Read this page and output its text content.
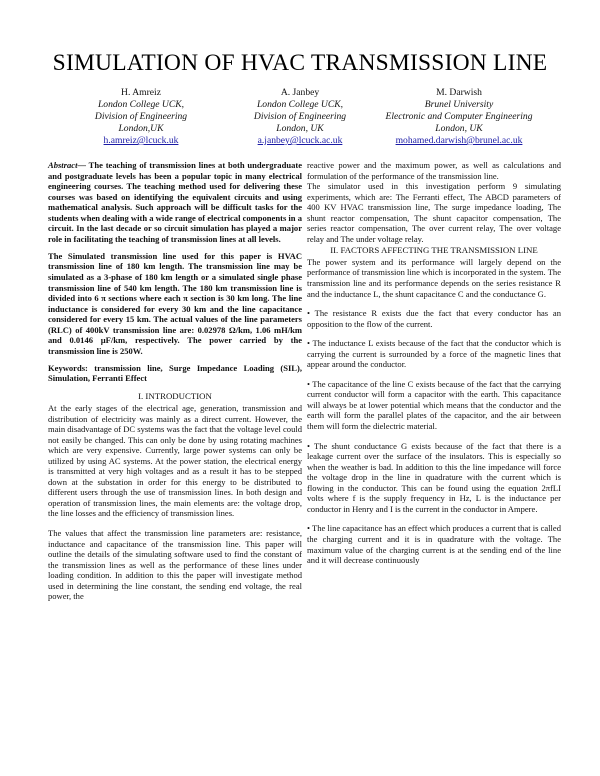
SIMULATION OF HVAC TRANSMISSION LINE
H. Amreiz
London College UCK,
Division of Engineering
London,UK
h.amreiz@lcuck.uk
A. Janbey
London College UCK,
Division of Engineering
London, UK
a.janbey@lcuck.ac.uk
M. Darwish
Brunel University
Electronic and Computer Engineering
London, UK
mohamed.darwish@brunel.ac.uk

Abstract— The teaching of transmission lines at both undergraduate and postgraduate levels has been a popular topic in many electrical engineering courses. The teaching method used for delivering these courses was based on identifying the equivalent circuits and using mathematical analysis. Such approach will be difficult tasks for the students when dealing with a wide range of electrical components in a circuit. In the last decade or so circuit simulation has played a major role in facilitating the teaching of transmission lines at all levels.

The Simulated transmission line used for this paper is HVAC transmission line of 180 km length. The transmission line may be simulated as a 3-phase of 180 km length or a simulated single phase transmission line of 540 km length. The 180 km transmission line is divided into 6 π sections where each π section is 30 km long. The line inductance is considered for every 30 km and the line capacitance considered for every 15 km. The actual values of the line parameters (RLC) of 400kV transmission line are: 0.02978 Ω/km, 1.06 mH/km and 0.0146 µF/km, respectively. The power carried by the transmission line is 250W.

Keywords: transmission line, Surge Impedance Loading (SIL), Simulation, Ferranti Effect

I. INTRODUCTION

At the early stages of the electrical age, generation, transmission and distribution of electricity was mainly as a direct current. However, the main disadvantage of DC systems was the fact that the voltage level could not easily be changed. This can only be done by using rotating machines which are very expensive. Currently, large power systems can only be utilized by using AC systems. At the power station, the electrical energy is transmitted at very high voltages and as a result it has to be stepped down at the substation in order for this energy to be distributed to different users through the use of transmission lines. In both design and operation of transmission lines, the main elements are: the voltage drop, the line losses and the efficiency of transmission lines.

The values that affect the transmission line parameters are: resistance, inductance and capacitance of the transmission line. This paper will outline the details of the simulating software used to find the constant of the transmission lines as well as the performance of these lines under loading condition. In addition to this the paper will investigate method used in determining the line constant, the sending end voltage, the real power, the

reactive power and the maximum power, as well as calculations and formulation of the performance of the transmission line.

The simulator used in this investigation perform 9 simulating experiments, which are: The Ferranti effect, The ABCD parameters of 400 KV HVAC transmission line, The surge impedance loading, The shunt reactor compensation, The shunt capacitor compensation, The series reactor compensation, The over current relay, The over voltage relay and The under voltage relay.

II. FACTORS AFFECTING THE TRANSMISSION LINE

The power system and its performance will largely depend on the performance of transmission line which is incorporated in the system. The transmission line and its performance depends on the series resistance R and the inductance L, the shunt capacitance C and the conductance G.

• The resistance R exists due the fact that every conductor has an opposition to the flow of the current.

• The inductance L exists because of the fact that the conductor which is carrying the current is surrounded by a force of the magnetic lines that appear around the conductor.

• The capacitance of the line C exists because of the fact that the carrying current conductor will form a capacitor with the earth. This capacitance will always be at lower potential which means that the conductor and the earth will form the parallel plates of the capacitor, and the air between them will form the dielectric material.

• The shunt conductance G exists because of the fact that there is a leakage current over the surface of the insulators. This is especially so when the weather is bad. In addition to this the line impedance will force the voltage drop in the line in quadrature with the current which is flowing in the conductor. This can be found using the equation 2πfLI volts where f is the supply frequency in Hz, L is the inductance per conductor in Henry and I is the current in the conductor in Ampere.

• The line capacitance has an effect which produces a current that is called the charging current and it is in quadrature with the voltage. The maximum value of the charging current is at the sending end of the line and it will decrease continuously
